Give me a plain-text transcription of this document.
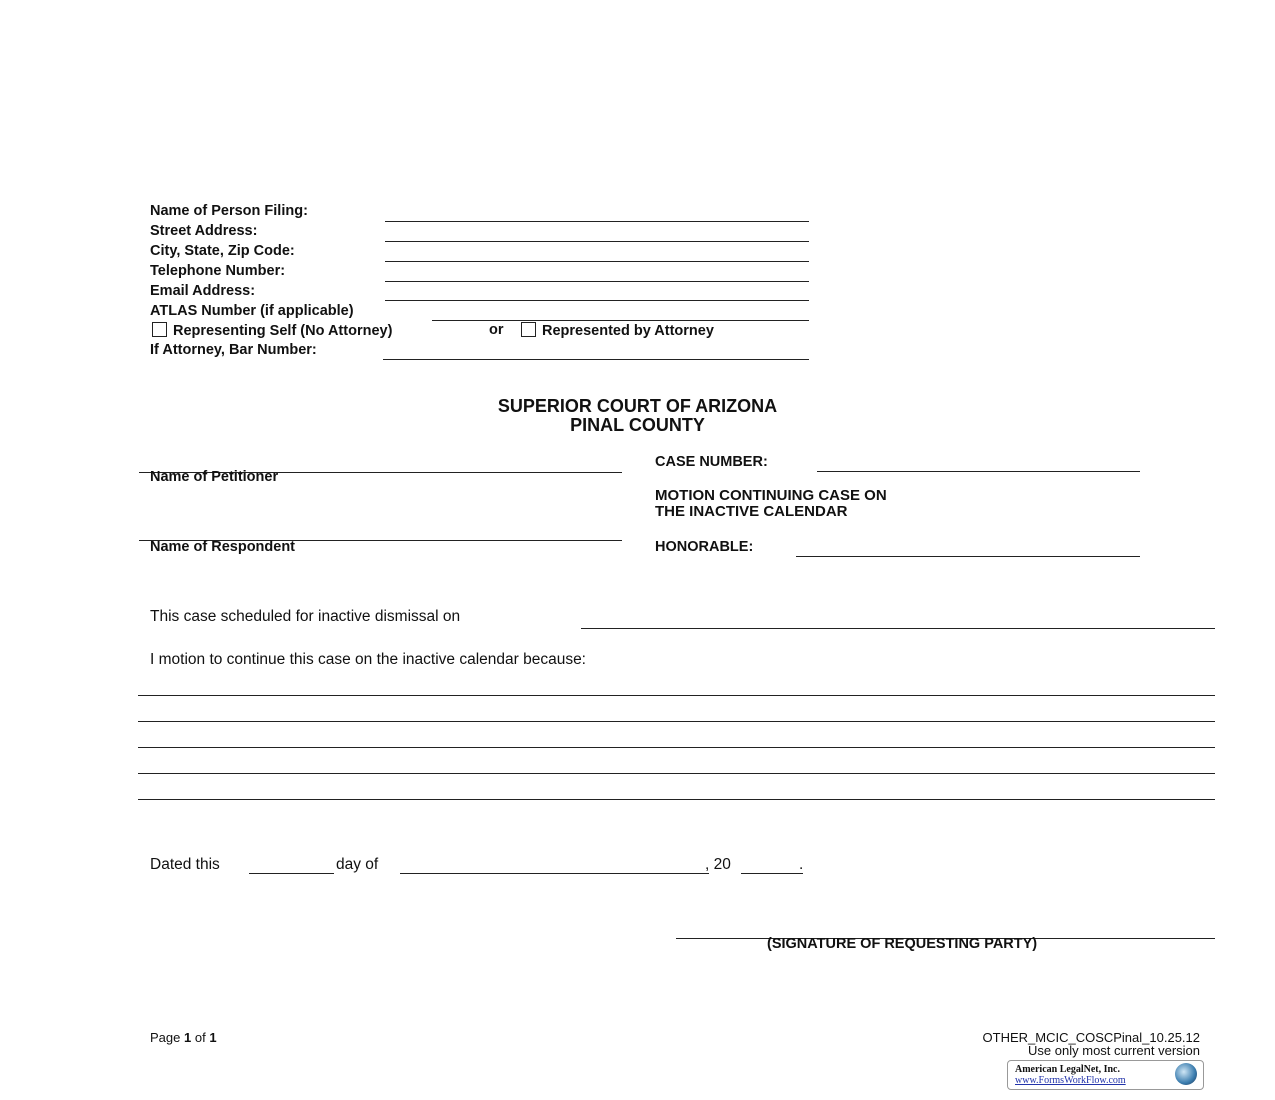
Name of Person Filing:
Street Address:
City, State, Zip Code:
Telephone Number:
Email Address:
ATLAS Number (if applicable)
Representing Self (No Attorney)	or	Represented by Attorney
If Attorney, Bar Number:
SUPERIOR COURT OF ARIZONA
PINAL COUNTY
Name of Petitioner
Name of Respondent
CASE NUMBER:
MOTION CONTINUING CASE ON
THE INACTIVE CALENDAR
HONORABLE:
This case scheduled for inactive dismissal on
I motion to continue this case on the inactive calendar because:
Dated this	day of	, 20	.
(SIGNATURE OF REQUESTING PARTY)
Page 1 of 1	OTHER_MCIC_COSCPinal_10.25.12
Use only most current version
American LegalNet, Inc.
www.FormsWorkFlow.com
